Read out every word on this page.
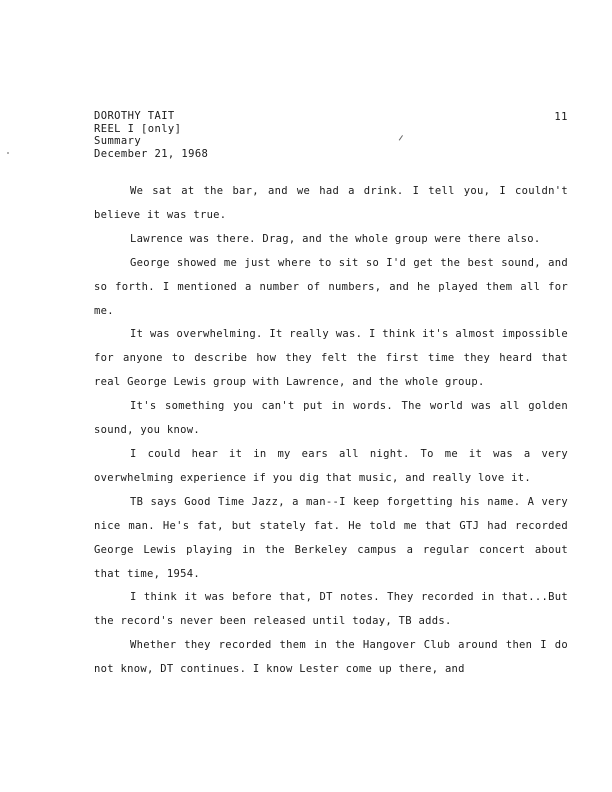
DOROTHY TAIT
REEL I [only]
Summary
December 21, 1968
11

We sat at the bar, and we had a drink. I tell you, I couldn't believe it was true.

Lawrence was there. Drag, and the whole group were there also.

George showed me just where to sit so I'd get the best sound, and so forth. I mentioned a number of numbers, and he played them all for me.

It was overwhelming. It really was. I think it's almost impossible for anyone to describe how they felt the first time they heard that real George Lewis group with Lawrence, and the whole group.

It's something you can't put in words. The world was all golden sound, you know.

I could hear it in my ears all night. To me it was a very overwhelming experience if you dig that music, and really love it.

TB says Good Time Jazz, a man--I keep forgetting his name. A very nice man. He's fat, but stately fat. He told me that GTJ had recorded George Lewis playing in the Berkeley campus a regular concert about that time, 1954.

I think it was before that, DT notes. They recorded in that...But the record's never been released until today, TB adds.

Whether they recorded them in the Hangover Club around then I do not know, DT continues. I know Lester come up there, and
